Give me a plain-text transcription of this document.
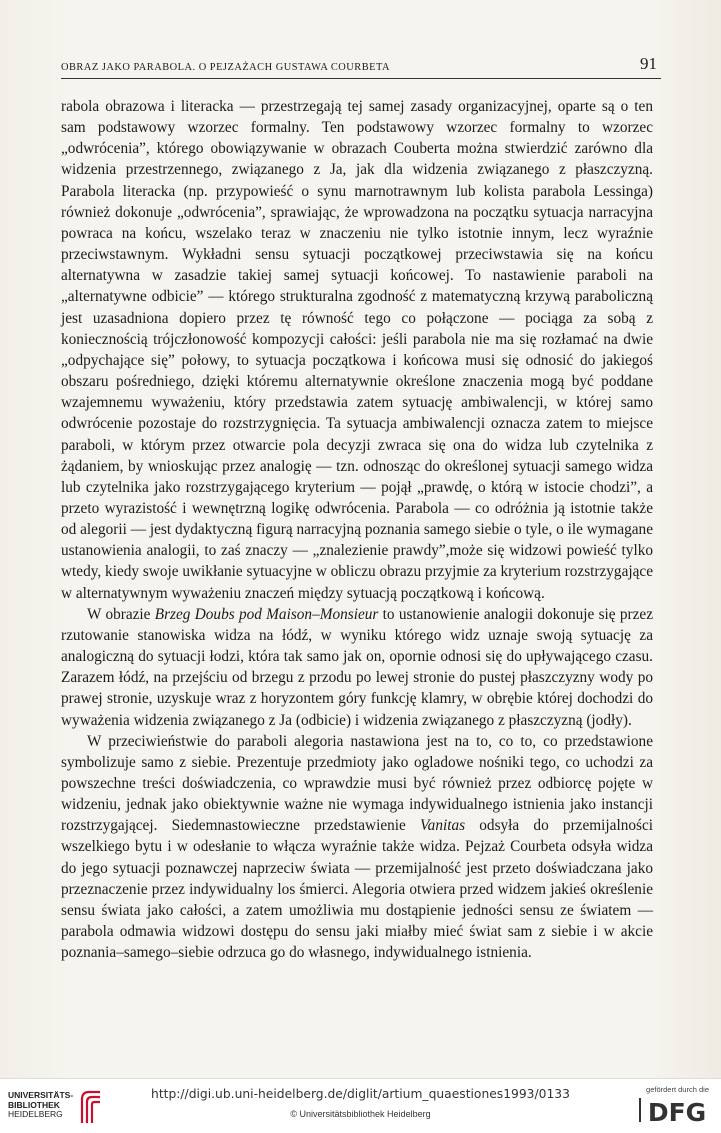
OBRAZ JAKO PARABOLA. O PEJZAŻACH GUSTAWA COURBETA	91

rabola obrazowa i literacka — przestrzegają tej samej zasady organizacyjnej, oparte są o ten sam podstawowy wzorzec formalny. Ten podstawowy wzorzec formalny to wzorzec „odwrócenia”, którego obowiązywanie w obrazach Couberta można stwierdzić zarówno dla widzenia przestrzennego, związanego z Ja, jak dla widzenia związanego z płaszczyzną. Parabola literacka (np. przypowieść o synu marnotrawnym lub kolista parabola Lessinga) również dokonuje „odwrócenia”, sprawiając, że wprowadzona na początku sytuacja narracyjna powraca na końcu, wszelako teraz w znaczeniu nie tylko istotnie innym, lecz wyraźnie przeciwstawnym. Wykładni sensu sytuacji początkowej przeciwstawia się na końcu alternatywna w zasadzie takiej samej sytuacji końcowej. To nastawienie paraboli na „alternatywne odbicie” — którego strukturalna zgodność z matematyczną krzywą paraboliczną jest uzasadniona dopiero przez tę równość tego co połączone — pociąga za sobą z koniecznością trójczłonowość kompozycji całości: jeśli parabola nie ma się rozłamać na dwie „odpychające się” połowy, to sytuacja początkowa i końcowa musi się odnosić do jakiegoś obszaru pośredniego, dzięki któremu alternatywnie określone znaczenia mogą być poddane wzajemnemu wyważeniu, który przedstawia zatem sytuację ambiwalencji, w której samo odwrócenie pozostaje do rozstrzygnięcia. Ta sytuacja ambiwalencji oznacza zatem to miejsce paraboli, w którym przez otwarcie pola decyzji zwraca się ona do widza lub czytelnika z żądaniem, by wnioskując przez analogię — tzn. odnosząc do określonej sytuacji samego widza lub czytelnika jako rozstrzygającego kryterium — pojął „prawdę, o którą w istocie chodzi”, a przeto wyrazistość i wewnętrzną logikę odwrócenia. Parabola — co odróżnia ją istotnie także od alegorii — jest dydaktyczną figurą narracyjną poznania samego siebie o tyle, o ile wymagane ustanowienia analogii, to zaś znaczy — „znalezienie prawdy”,może się widzowi powieść tylko wtedy, kiedy swoje uwikłanie sytuacyjne w obliczu obrazu przyjmie za kryterium rozstrzygające w alternatywnym wyważeniu znaczeń między sytuacją początkową i końcową.

W obrazie Brzeg Doubs pod Maison–Monsieur to ustanowienie analogii dokonuje się przez rzutowanie stanowiska widza na łódź, w wyniku którego widz uznaje swoją sytuację za analogiczną do sytuacji łodzi, która tak samo jak on, opornie odnosi się do upływającego czasu. Zarazem łódź, na przejściu od brzegu z przodu po lewej stronie do pustej płaszczyzny wody po prawej stronie, uzyskuje wraz z horyzontem góry funkcję klamry, w obrębie której dochodzi do wyważenia widzenia związanego z Ja (odbicie) i widzenia związanego z płaszczyzną (jodły).

W przeciwieństwie do paraboli alegoria nastawiona jest na to, co to, co przedstawione symbolizuje samo z siebie. Prezentuje przedmioty jako ogladowe nośniki tego, co uchodzi za powszechne treści doświadczenia, co wprawdzie musi być również przez odbiorcę pojęte w widzeniu, jednak jako obiektywnie ważne nie wymaga indywidualnego istnienia jako instancji rozstrzygającej. Siedemnastowieczne przedstawienie Vanitas odsyła do przemijalności wszelkiego bytu i w odesłanie to włącza wyraźnie także widza. Pejzaż Courbeta odsyła widza do jego sytuacji poznawczej naprzeciw świata — przemijalność jest przeto doświadczana jako przeznaczenie przez indywidualny los śmierci. Alegoria otwiera przed widzem jakieś określenie sensu świata jako całości, a zatem umożliwia mu dostąpienie jedności sensu ze światem — parabola odmawia widzowi dostępu do sensu jaki miałby mieć świat sam z siebie i w akcie poznania–samego–siebie odrzuca go do własnego, indywidualnego istnienia.

UNIVERSITÄTS-
BIBLIOTHEK
HEIDELBERG
http://digi.ub.uni-heidelberg.de/diglit/artium_quaestiones1993/0133
© Universitätsbibliothek Heidelberg
gefördert durch die
DFG
